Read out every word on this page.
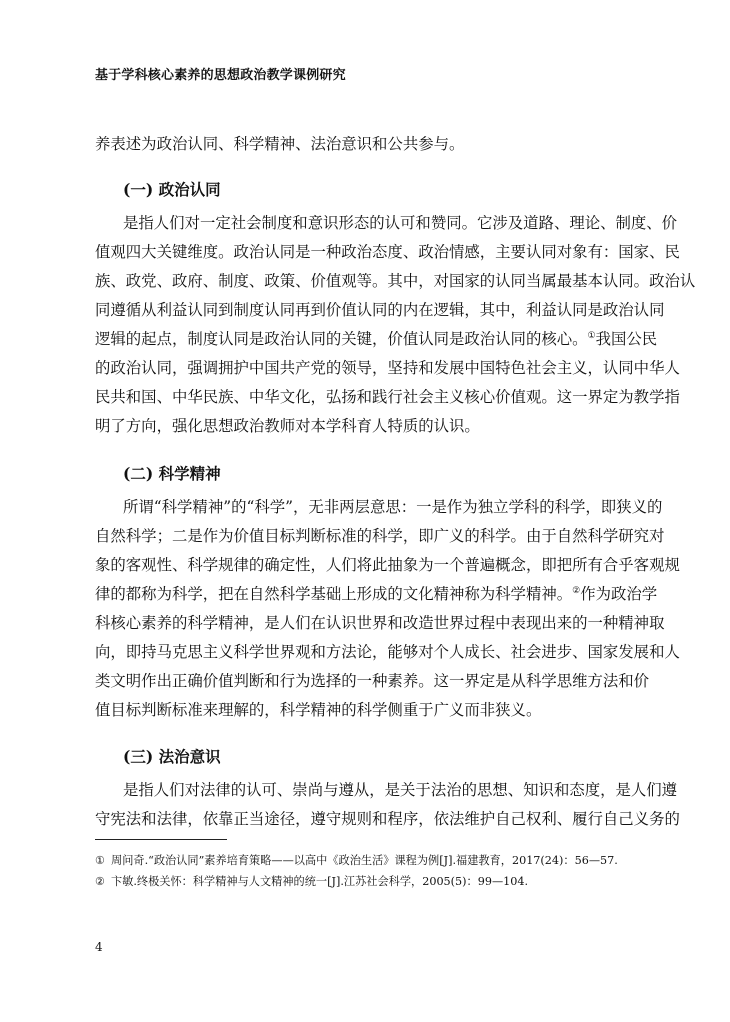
基于学科核心素养的思想政治教学课例研究

养表述为政治认同、科学精神、法治意识和公共参与。

(一) 政治认同

是指人们对一定社会制度和意识形态的认可和赞同。它涉及道路、理论、制度、价

值观四大关键维度。政治认同是一种政治态度、政治情感，主要认同对象有：国家、民

族、政党、政府、制度、政策、价值观等。其中，对国家的认同当属最基本认同。政治认

同遵循从利益认同到制度认同再到价值认同的内在逻辑，其中，利益认同是政治认同

逻辑的起点，制度认同是政治认同的关键，价值认同是政治认同的核心。①我国公民

的政治认同，强调拥护中国共产党的领导，坚持和发展中国特色社会主义，认同中华人

民共和国、中华民族、中华文化，弘扬和践行社会主义核心价值观。这一界定为教学指

明了方向，强化思想政治教师对本学科育人特质的认识。

(二) 科学精神

所谓“科学精神”的“科学”，无非两层意思：一是作为独立学科的科学，即狭义的

自然科学；二是作为价值目标判断标准的科学，即广义的科学。由于自然科学研究对

象的客观性、科学规律的确定性，人们将此抽象为一个普遍概念，即把所有合乎客观规

律的都称为科学，把在自然科学基础上形成的文化精神称为科学精神。②作为政治学

科核心素养的科学精神，是人们在认识世界和改造世界过程中表现出来的一种精神取

向，即持马克思主义科学世界观和方法论，能够对个人成长、社会进步、国家发展和人

类文明作出正确价值判断和行为选择的一种素养。这一界定是从科学思维方法和价

值目标判断标准来理解的，科学精神的科学侧重于广义而非狭义。

(三) 法治意识

是指人们对法律的认可、崇尚与遵从，是关于法治的思想、知识和态度，是人们遵

守宪法和法律，依靠正当途径，遵守规则和程序，依法维护自己权利、履行自己义务的

① 周问奇.“政治认同”素养培育策略——以高中《政治生活》课程为例[J].福建教育，2017(24)：56—57.

② 卞敏.终极关怀：科学精神与人文精神的统一[J].江苏社会科学，2005(5)：99—104.

4
